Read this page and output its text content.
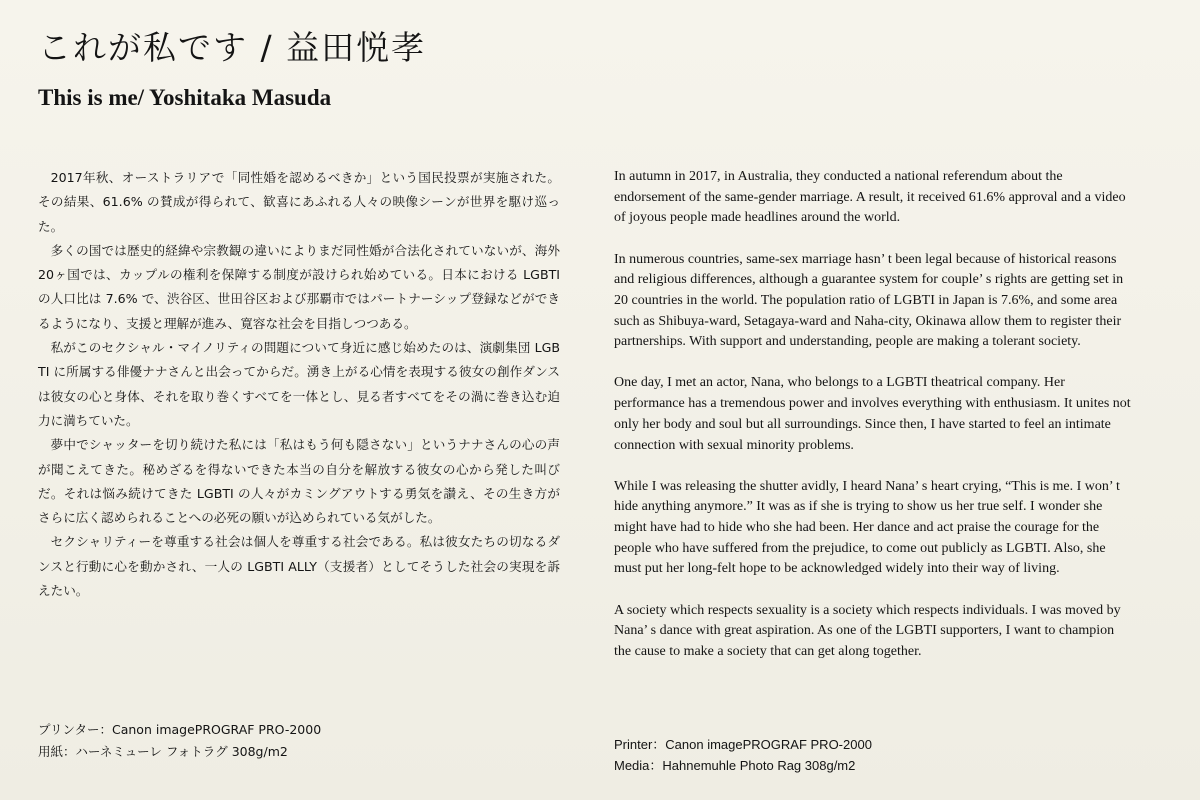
これが私です / 益田悦孝
This is me/ Yoshitaka Masuda

2017年秋、オーストラリアで「同性婚を認めるべきか」という国民投票が実施された。その結果、61.6% の賛成が得られて、歓喜にあふれる人々の映像シーンが世界を駆け巡った。

多くの国では歴史的経緯や宗教観の違いによりまだ同性婚が合法化されていないが、海外 20ヶ国では、カップルの権利を保障する制度が設けられ始めている。日本における LGBTI の人口比は 7.6% で、渋谷区、世田谷区および那覇市ではパートナーシップ登録などができるようになり、支援と理解が進み、寛容な社会を目指しつつある。

私がこのセクシャル・マイノリティの問題について身近に感じ始めたのは、演劇集団 LGBTI に所属する俳優ナナさんと出会ってからだ。湧き上がる心情を表現する彼女の創作ダンスは彼女の心と身体、それを取り巻くすべてを一体とし、見る者すべてをその渦に巻き込む迫力に満ちていた。

夢中でシャッターを切り続けた私には「私はもう何も隠さない」というナナさんの心の声が聞こえてきた。秘めざるを得ないできた本当の自分を解放する彼女の心から発した叫びだ。それは悩み続けてきた LGBTI の人々がカミングアウトする勇気を讃え、その生き方がさらに広く認められることへの必死の願いが込められている気がした。

セクシャリティーを尊重する社会は個人を尊重する社会である。私は彼女たちの切なるダンスと行動に心を動かされ、一人の LGBTI ALLY（支援者）としてそうした社会の実現を訴えたい。

In autumn in 2017, in Australia, they conducted a national referendum about the endorsement of the same-gender marriage. A result, it received 61.6% approval and a video of joyous people made headlines around the world.

In numerous countries, same-sex marriage hasn’ t been legal because of historical reasons and religious differences, although a guarantee system for couple’ s rights are getting set in 20 countries in the world. The population ratio of LGBTI in Japan is 7.6%, and some area such as Shibuya-ward, Setagaya-ward and Naha-city, Okinawa allow them to register their partnerships. With support and understanding, people are making a tolerant society.

One day, I met an actor, Nana, who belongs to a LGBTI theatrical company. Her performance has a tremendous power and involves everything with enthusiasm. It unites not only her body and soul but all surroundings. Since then, I have started to feel an intimate connection with sexual minority problems.

While I was releasing the shutter avidly, I heard Nana’ s heart crying, “This is me. I won’ t hide anything anymore.” It was as if she is trying to show us her true self. I wonder she might have had to hide who she had been. Her dance and act praise the courage for the people who have suffered from the prejudice, to come out publicly as LGBTI. Also, she must put her long-felt hope to be acknowledged widely into their way of living.

A society which respects sexuality is a society which respects individuals. I was moved by Nana’ s dance with great aspiration. As one of the LGBTI supporters, I want to champion the cause to make a society that can get along together.

プリンター：Canon imagePROGRAF PRO-2000
用紙：ハーネミューレ フォトラグ 308g/m2	Printer：Canon imagePROGRAF PRO-2000
Media：Hahnemuhle Photo Rag 308g/m2
